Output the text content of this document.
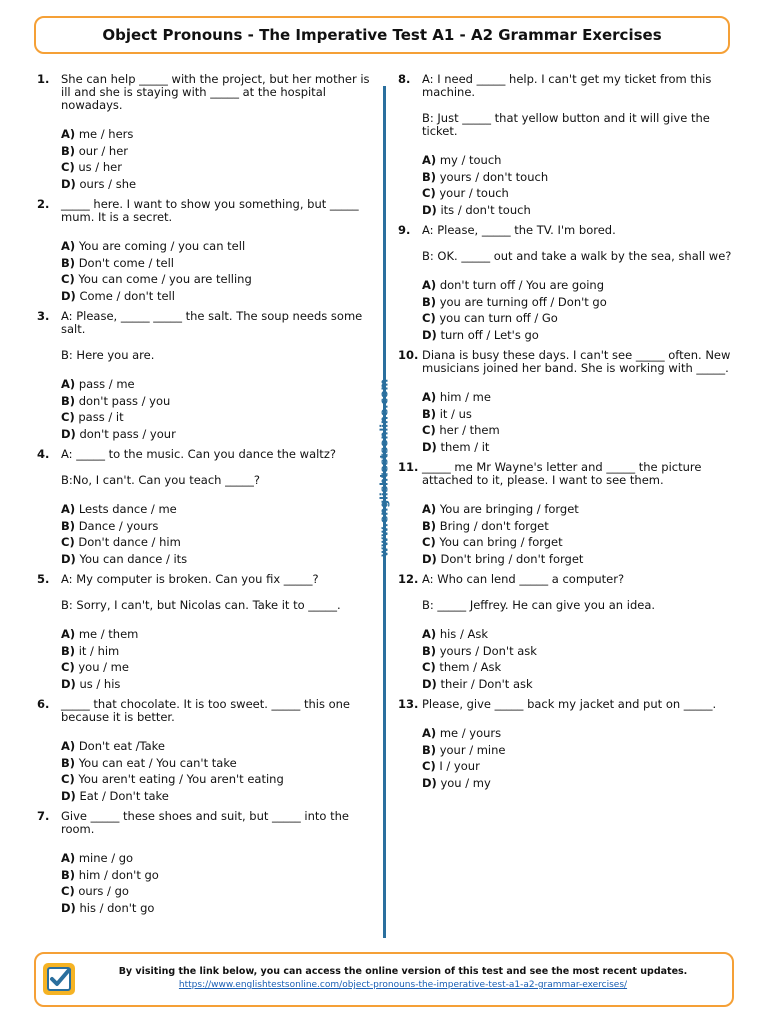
Object Pronouns - The Imperative Test A1 - A2 Grammar Exercises
1.	She can help _____ with the project, but her mother is ill and she is staying with _____ at the hospital nowadays.
A) me / hers
B) our / her
C) us / her
D) ours / she
2.	_____ here. I want to show you something, but _____ mum. It is a secret.
A) You are coming / you can tell
B) Don't come / tell
C) You can come / you are telling
D) Come / don't tell
3.	A: Please, _____ _____ the salt. The soup needs some salt.
B: Here you are.
A) pass / me
B) don't pass / you
C) pass / it
D) don't pass / your
4.	A: _____ to the music. Can you dance the waltz?
B:No, I can't. Can you teach _____?
A) Lests dance / me
B) Dance / yours
C) Don't dance / him
D) You can dance / its
5.	A: My computer is broken. Can you fix _____?
B: Sorry, I can't, but Nicolas can. Take it to _____.
A) me / them
B) it / him
C) you / me
D) us / his
6.	_____ that chocolate. It is too sweet. _____ this one because it is better.
A) Don't eat /Take
B) You can eat / You can't take
C) You aren't eating / You aren't eating
D) Eat / Don't take
7.	Give _____ these shoes and suit, but _____ into the room.
A) mine / go
B) him / don't go
C) ours / go
D) his / don't go
www.englishtestsonline.com
8.	A: I need _____ help. I can't get my ticket from this machine.
B: Just _____ that yellow button and it will give the ticket.
A) my / touch
B) yours / don't touch
C) your / touch
D) its / don't touch
9.	A: Please, _____ the TV. I'm bored.
B: OK. _____ out and take a walk by the sea, shall we?
A) don't turn off / You are going
B) you are turning off / Don't go
C) you can turn off / Go
D) turn off / Let's go
10. Diana is busy these days. I can't see _____ often. New musicians joined her band. She is working with _____.
A) him / me
B) it / us
C) her / them
D) them / it
11. _____ me Mr Wayne's letter and _____ the picture attached to it, please. I want to see them.
A) You are bringing / forget
B) Bring / don't forget
C) You can bring / forget
D) Don't bring / don't forget
12. A: Who can lend _____ a computer?
B: _____ Jeffrey. He can give you an idea.
A) his / Ask
B) yours / Don't ask
C) them / Ask
D) their / Don't ask
13. Please, give _____ back my jacket and put on _____.
A) me / yours
B) your / mine
C) I / your
D) you / my
By visiting the link below, you can access the online version of this test and see the most recent updates.
https://www.englishtestsonline.com/object-pronouns-the-imperative-test-a1-a2-grammar-exercises/
